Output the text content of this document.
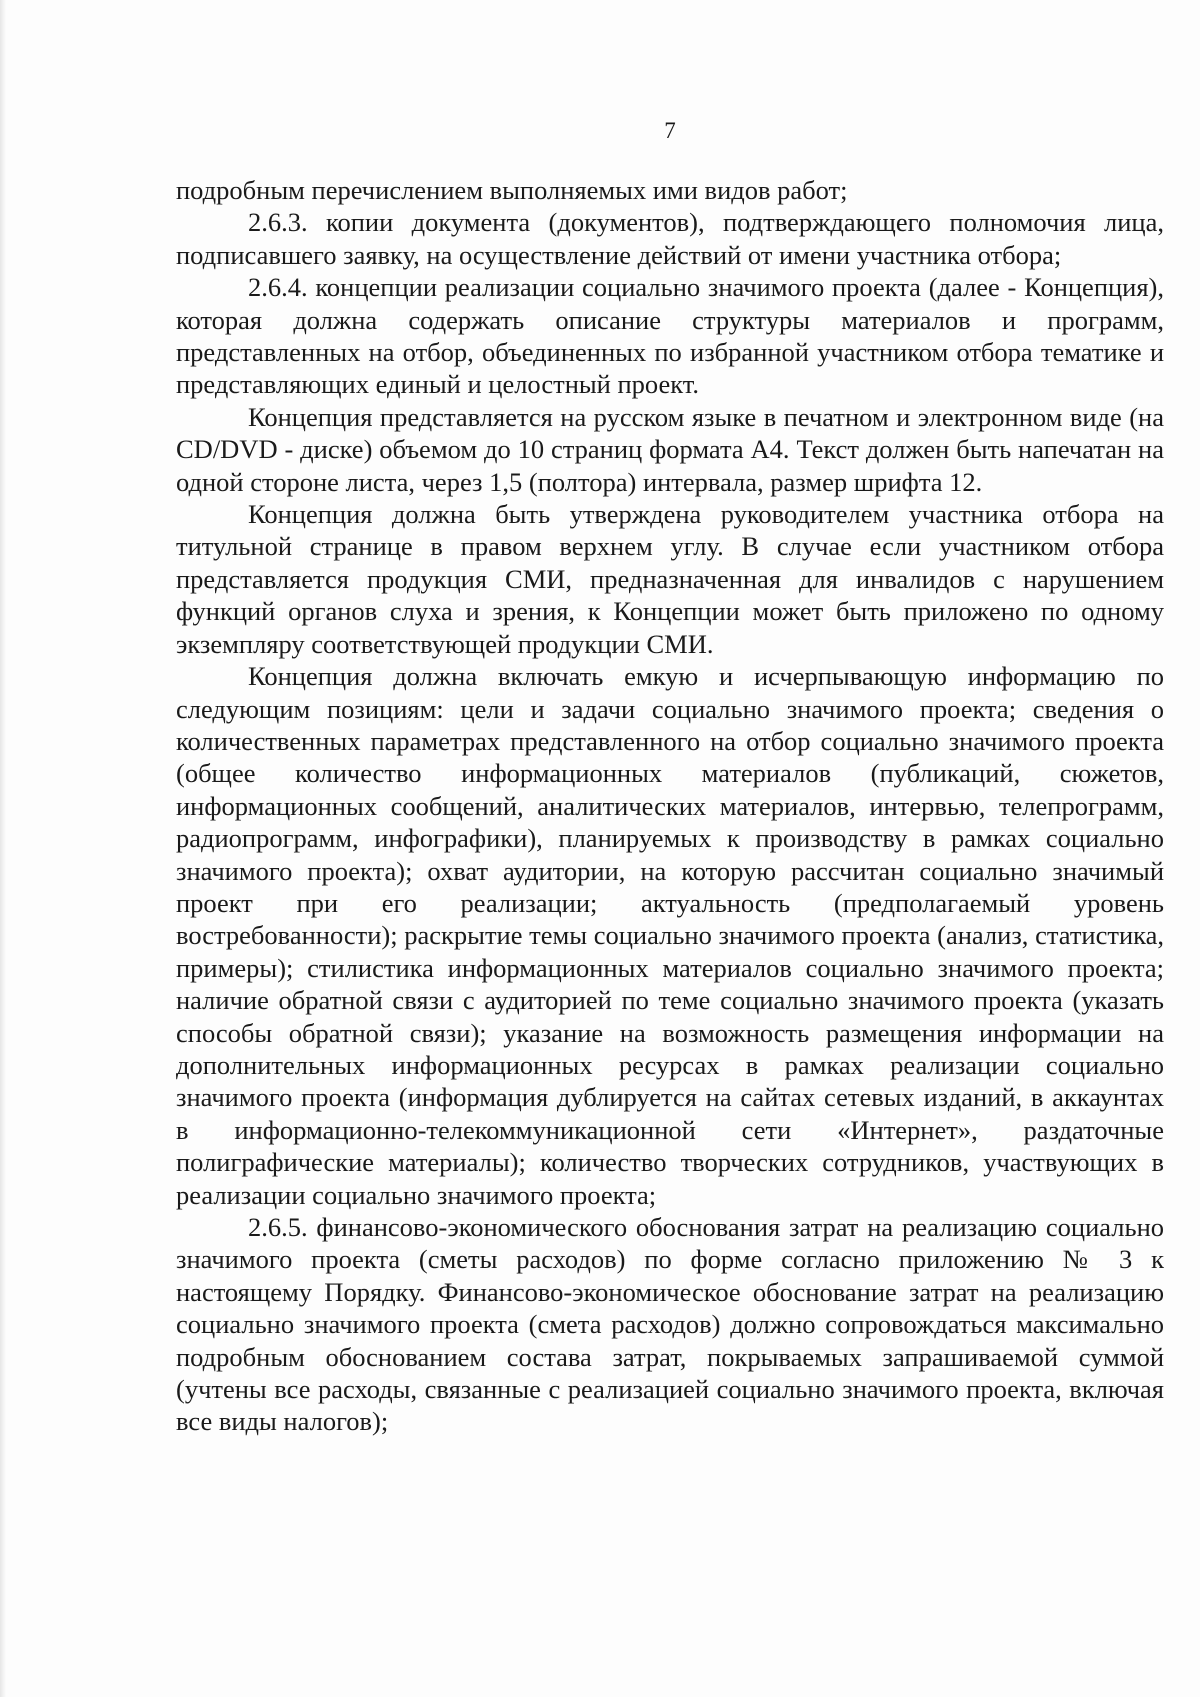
7

подробным перечислением выполняемых ими видов работ;

2.6.3. копии документа (документов), подтверждающего полномочия лица, подписавшего заявку, на осуществление действий от имени участника отбора;

2.6.4. концепции реализации социально значимого проекта (далее - Концепция), которая должна содержать описание структуры материалов и программ, представленных на отбор, объединенных по избранной участником отбора тематике и представляющих единый и целостный проект.

Концепция представляется на русском языке в печатном и электронном виде (на CD/DVD - диске) объемом до 10 страниц формата А4. Текст должен быть напечатан на одной стороне листа, через 1,5 (полтора) интервала, размер шрифта 12.

Концепция должна быть утверждена руководителем участника отбора на титульной странице в правом верхнем углу. В случае если участником отбора представляется продукция СМИ, предназначенная для инвалидов с нарушением функций органов слуха и зрения, к Концепции может быть приложено по одному экземпляру соответствующей продукции СМИ.

Концепция должна включать емкую и исчерпывающую информацию по следующим позициям: цели и задачи социально значимого проекта; сведения о количественных параметрах представленного на отбор социально значимого проекта (общее количество информационных материалов (публикаций, сюжетов, информационных сообщений, аналитических материалов, интервью, телепрограмм, радиопрограмм, инфографики), планируемых к производству в рамках социально значимого проекта); охват аудитории, на которую рассчитан социально значимый проект при его реализации; актуальность (предполагаемый уровень востребованности); раскрытие темы социально значимого проекта (анализ, статистика, примеры); стилистика информационных материалов социально значимого проекта; наличие обратной связи с аудиторией по теме социально значимого проекта (указать способы обратной связи); указание на возможность размещения информации на дополнительных информационных ресурсах в рамках реализации социально значимого проекта (информация дублируется на сайтах сетевых изданий, в аккаунтах в информационно-телекоммуникационной сети «Интернет», раздаточные полиграфические материалы); количество творческих сотрудников, участвующих в реализации социально значимого проекта;

2.6.5. финансово-экономического обоснования затрат на реализацию социально значимого проекта (сметы расходов) по форме согласно приложению № 3 к настоящему Порядку. Финансово-экономическое обоснование затрат на реализацию социально значимого проекта (смета расходов) должно сопровождаться максимально подробным обоснованием состава затрат, покрываемых запрашиваемой суммой (учтены все расходы, связанные с реализацией социально значимого проекта, включая все виды налогов);
